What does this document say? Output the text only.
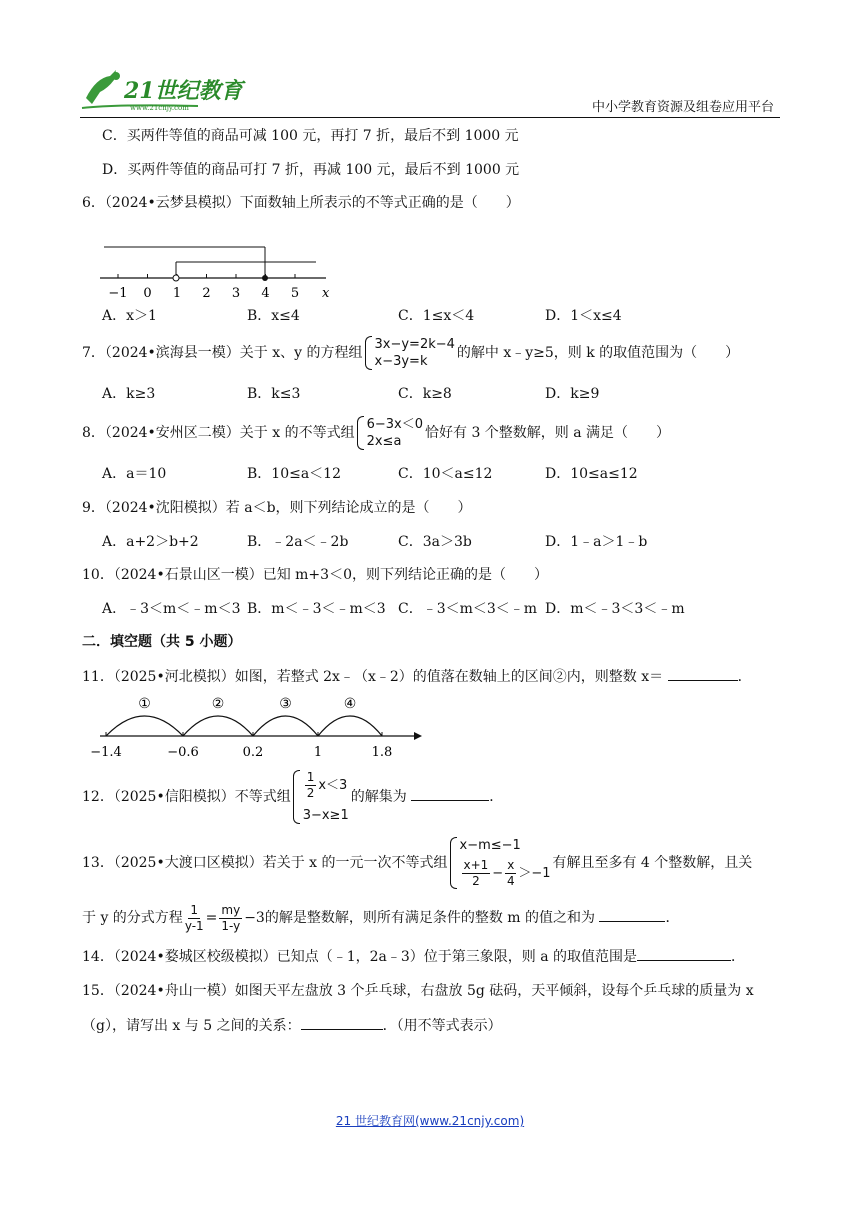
21世纪教育
www.21cnjy.com	中小学教育资源及组卷应用平台
C．买两件等值的商品可减 100 元，再打 7 折，最后不到 1000 元
D．买两件等值的商品可打 7 折，再减 100 元，最后不到 1000 元
6．（2024•云梦县模拟）下面数轴上所表示的不等式正确的是（　　）
−1 0 1 2 3 4 5 x
A．x＞1	B．x≤4	C．1≤x＜4	D．1＜x≤4
7．（2024•滨海县一模）关于 x、y 的方程组
3x−y=2k−4
x−3y=k
的解中 x﹣y≥5，则 k 的取值范围为（　　）
A．k≥3	B．k≤3	C．k≥8	D．k≥9
8．（2024•安州区二模）关于 x 的不等式组
6−3x＜0
2x≤a
恰好有 3 个整数解，则 a 满足（　　）
A．a＝10	B．10≤a＜12	C．10＜a≤12	D．10≤a≤12
9．（2024•沈阳模拟）若 a＜b，则下列结论成立的是（　　）
A．a+2＞b+2	B．﹣2a＜﹣2b	C．3a＞3b	D．1﹣a＞1﹣b
10．（2024•石景山区一模）已知 m+3＜0，则下列结论正确的是（　　）
A．﹣3＜m＜﹣m＜3 B．m＜﹣3＜﹣m＜3 C．﹣3＜m＜3＜﹣m D．m＜﹣3＜3＜﹣m
二．填空题（共 5 小题）
11．（2025•河北模拟）如图，若整式 2x﹣（x﹣2）的值落在数轴上的区间②内，则整数 x＝	．
①	②	③	④
−1.4	−0.6	0.2	1	1.8
12．（2025•信阳模拟）不等式组 $\frac{1}{2} x<3$
3−x≥1
的解集为	．
13．（2025•大渡口区模拟）若关于 x 的一元一次不等式组
x−m≤−1
$\frac{x+1}{2} - \frac{x}{4} >-1$
有解且至多有 4 个整数解，且关
于 y 的分式方程 $\frac{1}{y-1} = \frac{my}{1-y} -3$的解是整数解，则所有满足条件的整数 m 的值之和为	．
14．（2024•婺城区校级模拟）已知点（﹣1，2a﹣3）位于第三象限，则 a 的取值范围是	．
15．（2024•舟山一模）如图天平左盘放 3 个乒乓球，右盘放 5g 砝码，天平倾斜，设每个乒乓球的质量为 x
（g），请写出 x 与 5 之间的关系：	．（用不等式表示）
21 世纪教育网(www.21cnjy.com)
